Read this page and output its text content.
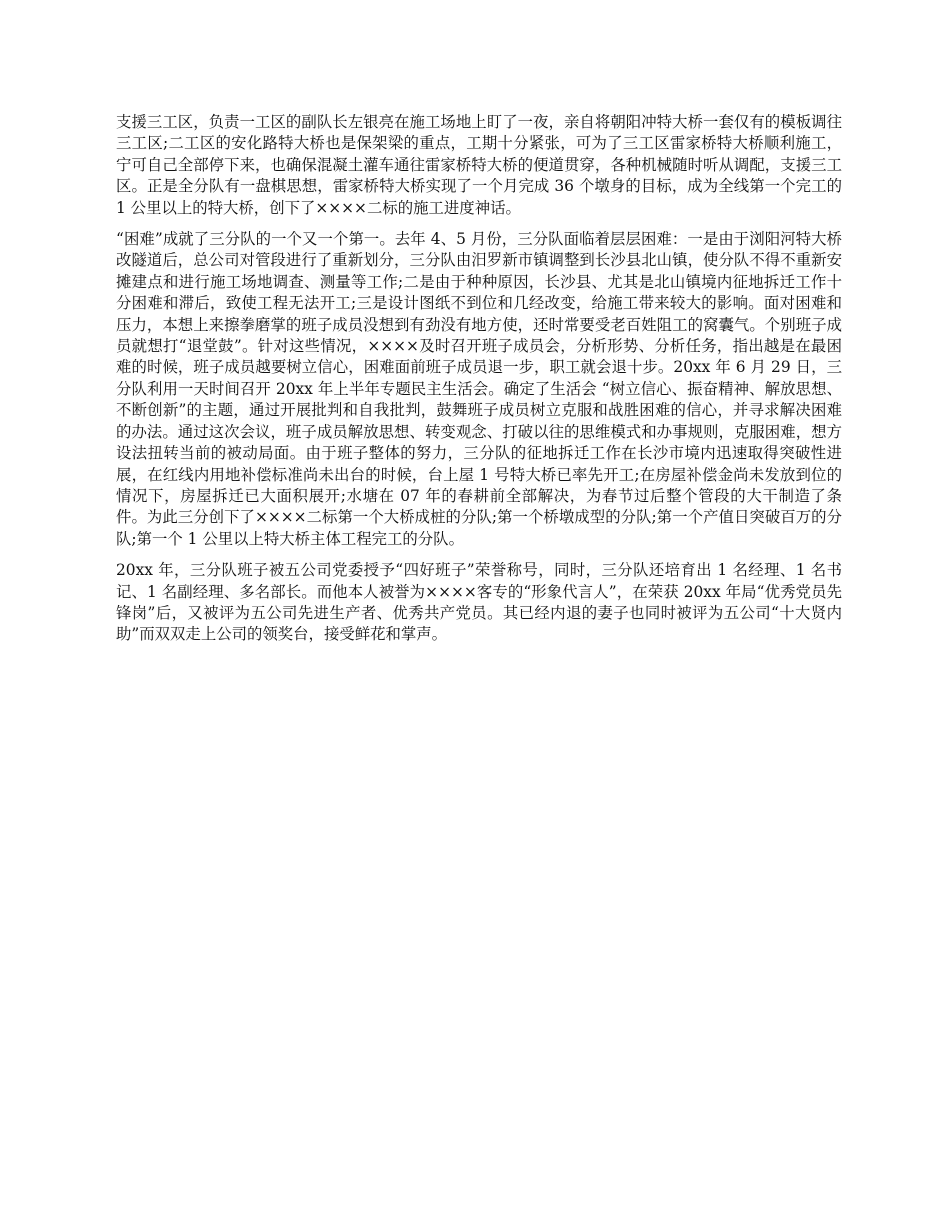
支援三工区，负责一工区的副队长左银亮在施工场地上盯了一夜，亲自将朝阳冲特大桥一套仅有的模板调往三工区;二工区的安化路特大桥也是保架梁的重点，工期十分紧张，可为了三工区雷家桥特大桥顺利施工，宁可自己全部停下来，也确保混凝土灌车通往雷家桥特大桥的便道贯穿，各种机械随时听从调配，支援三工区。正是全分队有一盘棋思想，雷家桥特大桥实现了一个月完成 36 个墩身的目标，成为全线第一个完工的 1 公里以上的特大桥，创下了××××二标的施工进度神话。

“困难”成就了三分队的一个又一个第一。去年 4、5 月份，三分队面临着层层困难：一是由于浏阳河特大桥改隧道后，总公司对管段进行了重新划分，三分队由汨罗新市镇调整到长沙县北山镇，使分队不得不重新安摊建点和进行施工场地调查、测量等工作;二是由于种种原因，长沙县、尤其是北山镇境内征地拆迁工作十分困难和滞后，致使工程无法开工;三是设计图纸不到位和几经改变，给施工带来较大的影响。面对困难和压力，本想上来擦拳磨掌的班子成员没想到有劲没有地方使，还时常要受老百姓阻工的窝囊气。个别班子成员就想打“退堂鼓”。针对这些情况，××××及时召开班子成员会，分析形势、分析任务，指出越是在最困难的时候，班子成员越要树立信心，困难面前班子成员退一步，职工就会退十步。20xx 年 6 月 29 日，三分队利用一天时间召开 20xx 年上半年专题民主生活会。确定了生活会 “树立信心、振奋精神、解放思想、不断创新”的主题，通过开展批判和自我批判，鼓舞班子成员树立克服和战胜困难的信心，并寻求解决困难的办法。通过这次会议，班子成员解放思想、转变观念、打破以往的思维模式和办事规则，克服困难，想方设法扭转当前的被动局面。由于班子整体的努力，三分队的征地拆迁工作在长沙市境内迅速取得突破性进展，在红线内用地补偿标准尚未出台的时候，台上屋 1 号特大桥已率先开工;在房屋补偿金尚未发放到位的情况下，房屋拆迁已大面积展开;水塘在 07 年的春耕前全部解决，为春节过后整个管段的大干制造了条件。为此三分创下了××××二标第一个大桥成桩的分队;第一个桥墩成型的分队;第一个产值日突破百万的分队;第一个 1 公里以上特大桥主体工程完工的分队。

20xx 年，三分队班子被五公司党委授予“四好班子”荣誉称号，同时，三分队还培育出 1 名经理、1 名书记、1 名副经理、多名部长。而他本人被誉为××××客专的“形象代言人”，在荣获 20xx 年局“优秀党员先锋岗”后，又被评为五公司先进生产者、优秀共产党员。其已经内退的妻子也同时被评为五公司“十大贤内助”而双双走上公司的领奖台，接受鲜花和掌声。
